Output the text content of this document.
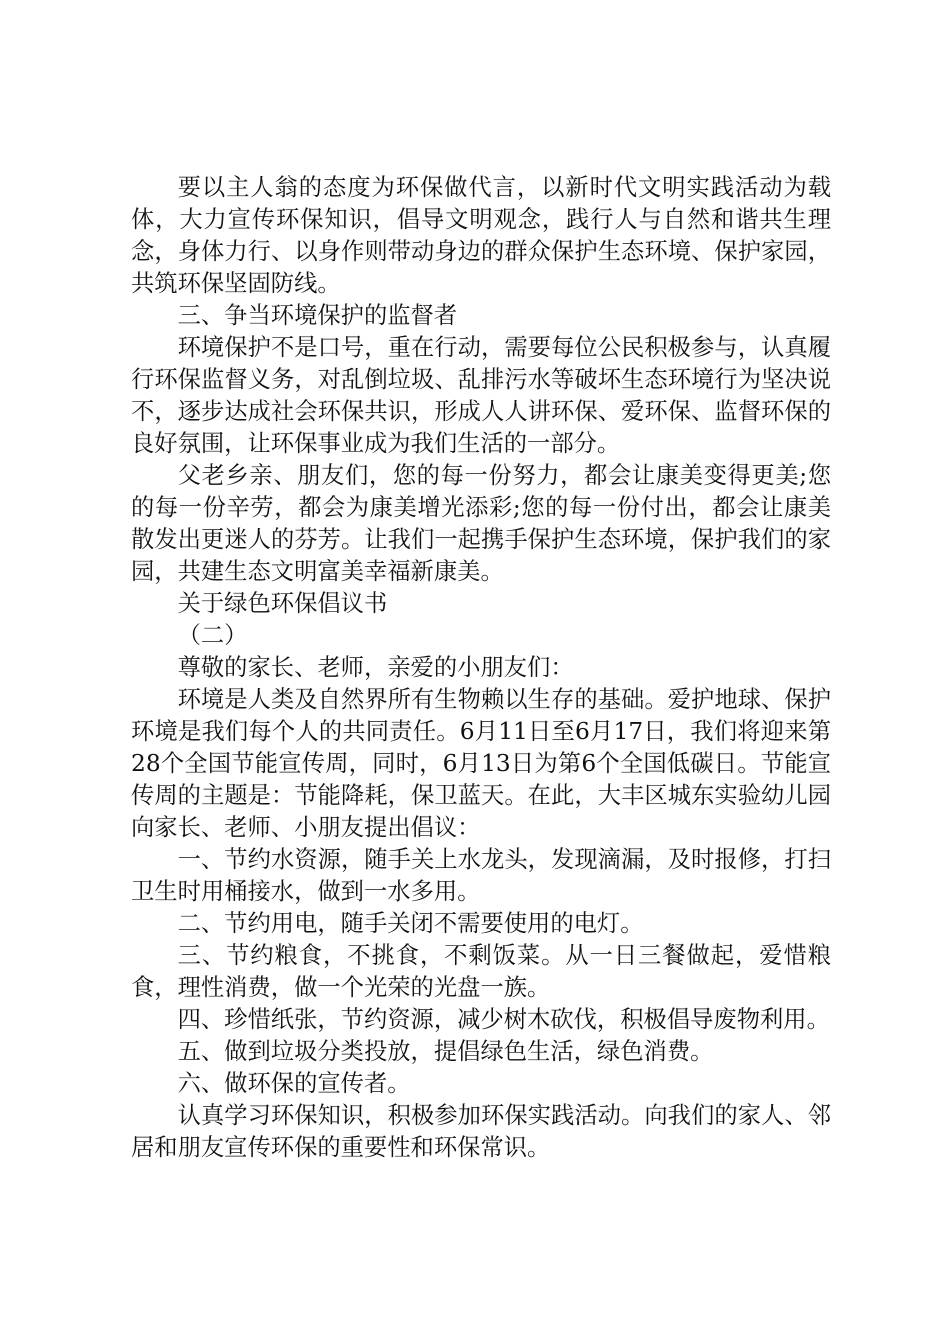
要以主人翁的态度为环保做代言，以新时代文明实践活动为载体，大力宣传环保知识，倡导文明观念，践行人与自然和谐共生理念，身体力行、以身作则带动身边的群众保护生态环境、保护家园，共筑环保坚固防线。

三、争当环境保护的监督者

环境保护不是口号，重在行动，需要每位公民积极参与，认真履行环保监督义务，对乱倒垃圾、乱排污水等破坏生态环境行为坚决说不，逐步达成社会环保共识，形成人人讲环保、爱环保、监督环保的良好氛围，让环保事业成为我们生活的一部分。

父老乡亲、朋友们，您的每一份努力，都会让康美变得更美;您的每一份辛劳，都会为康美增光添彩;您的每一份付出，都会让康美散发出更迷人的芬芳。让我们一起携手保护生态环境，保护我们的家园，共建生态文明富美幸福新康美。

关于绿色环保倡议书

（二）

尊敬的家长、老师，亲爱的小朋友们：

环境是人类及自然界所有生物赖以生存的基础。爱护地球、保护环境是我们每个人的共同责任。6月11日至6月17日，我们将迎来第28个全国节能宣传周，同时，6月13日为第6个全国低碳日。节能宣传周的主题是：节能降耗，保卫蓝天。在此，大丰区城东实验幼儿园向家长、老师、小朋友提出倡议：

一、节约水资源，随手关上水龙头，发现滴漏，及时报修，打扫卫生时用桶接水，做到一水多用。

二、节约用电，随手关闭不需要使用的电灯。

三、节约粮食，不挑食，不剩饭菜。从一日三餐做起，爱惜粮食，理性消费，做一个光荣的光盘一族。

四、珍惜纸张，节约资源，减少树木砍伐，积极倡导废物利用。

五、做到垃圾分类投放，提倡绿色生活，绿色消费。

六、做环保的宣传者。

认真学习环保知识，积极参加环保实践活动。向我们的家人、邻居和朋友宣传环保的重要性和环保常识。
